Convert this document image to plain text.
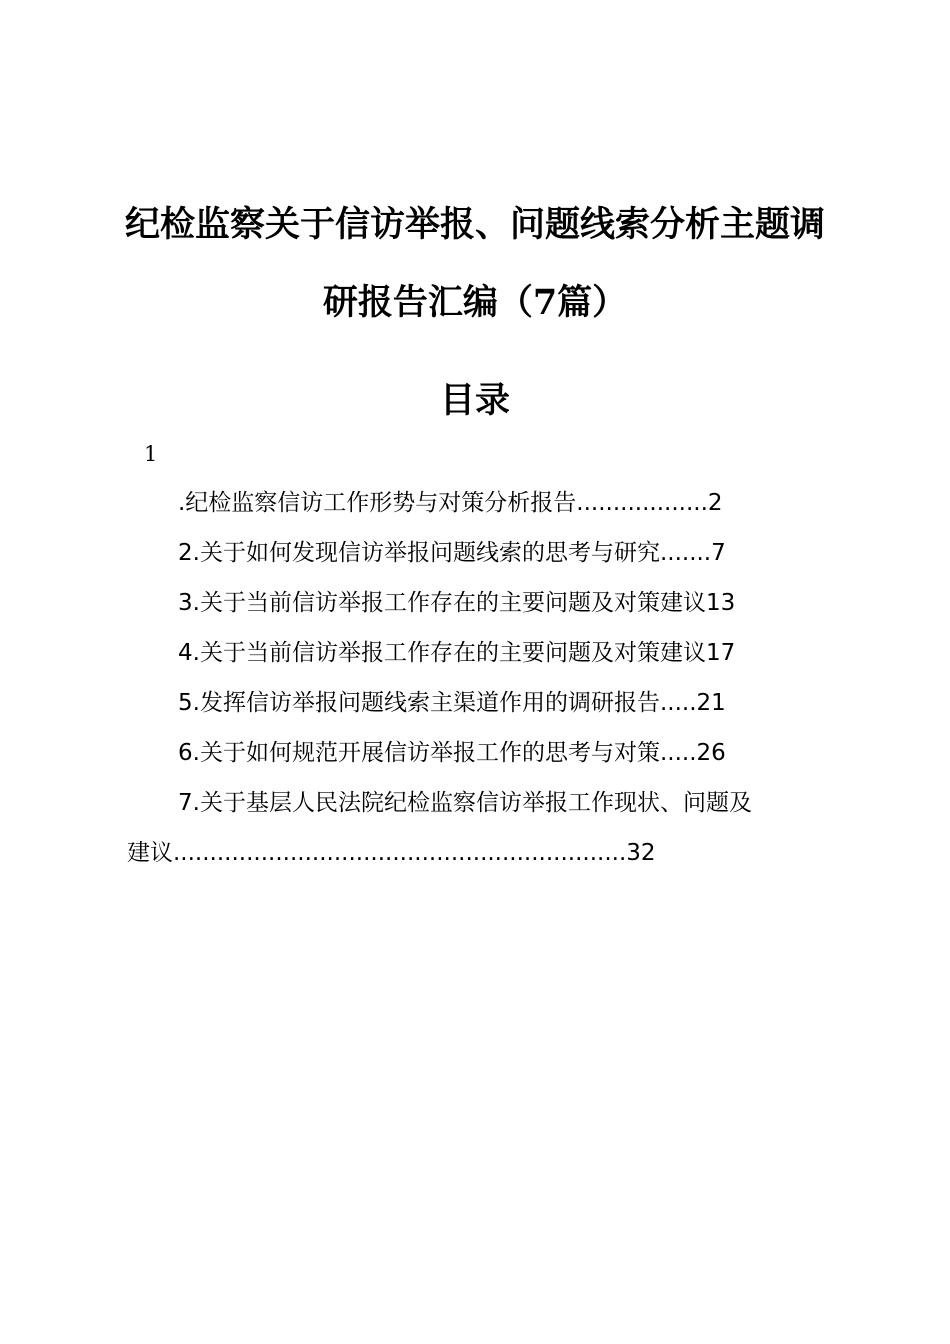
纪检监察关于信访举报、问题线索分析主题调
研报告汇编（7篇）
目录
1
.纪检监察信访工作形势与对策分析报告..................2
2.关于如何发现信访举报问题线索的思考与研究.......7
3.关于当前信访举报工作存在的主要问题及对策建议13
4.关于当前信访举报工作存在的主要问题及对策建议17
5.发挥信访举报问题线索主渠道作用的调研报告.....21
6.关于如何规范开展信访举报工作的思考与对策.....26
7.关于基层人民法院纪检监察信访举报工作现状、问题及
建议..............................................................32
